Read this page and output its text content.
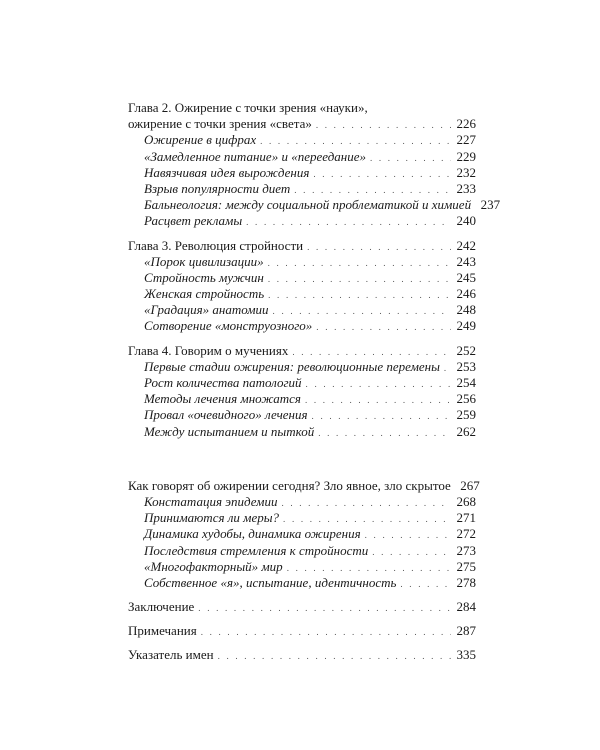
Глава 2. Ожирение с точки зрения «науки»,
ожирение с точки зрения «света» . . .	226
Ожирение в цифрах . . .	227
«Замедленное питание» и «переедание» . . .	229
Навязчивая идея вырождения . . .	232
Взрыв популярности диет . . .	233
Бальнеология: между социальной проблематикой и химией 237
Расцвет рекламы . . .	240
Глава 3. Революция стройности . . .	242
«Порок цивилизации» . . .	243
Стройность мужчин . . .	245
Женская стройность . . .	246
«Градация» анатомии . . .	248
Сотворение «монструозного» . . .	249
Глава 4. Говорим о мучениях . . .	252
Первые стадии ожирения: революционные перемены . . . 253
Рост количества патологий . . .	254
Методы лечения множатся . . .	256
Провал «очевидного» лечения . . .	259
Между испытанием и пыткой . . .	262
Как говорят об ожирении сегодня? Зло явное, зло скрытое 267
Констатация эпидемии . . .	268
Принимаются ли меры? . . .	271
Динамика худобы, динамика ожирения . . .	272
Последствия стремления к стройности . . .	273
«Многофакторный» мир . . .	275
Собственное «я», испытание, идентичность . . .	278
Заключение . . .	284
Примечания . . .	287
Указатель имен . . .	335
